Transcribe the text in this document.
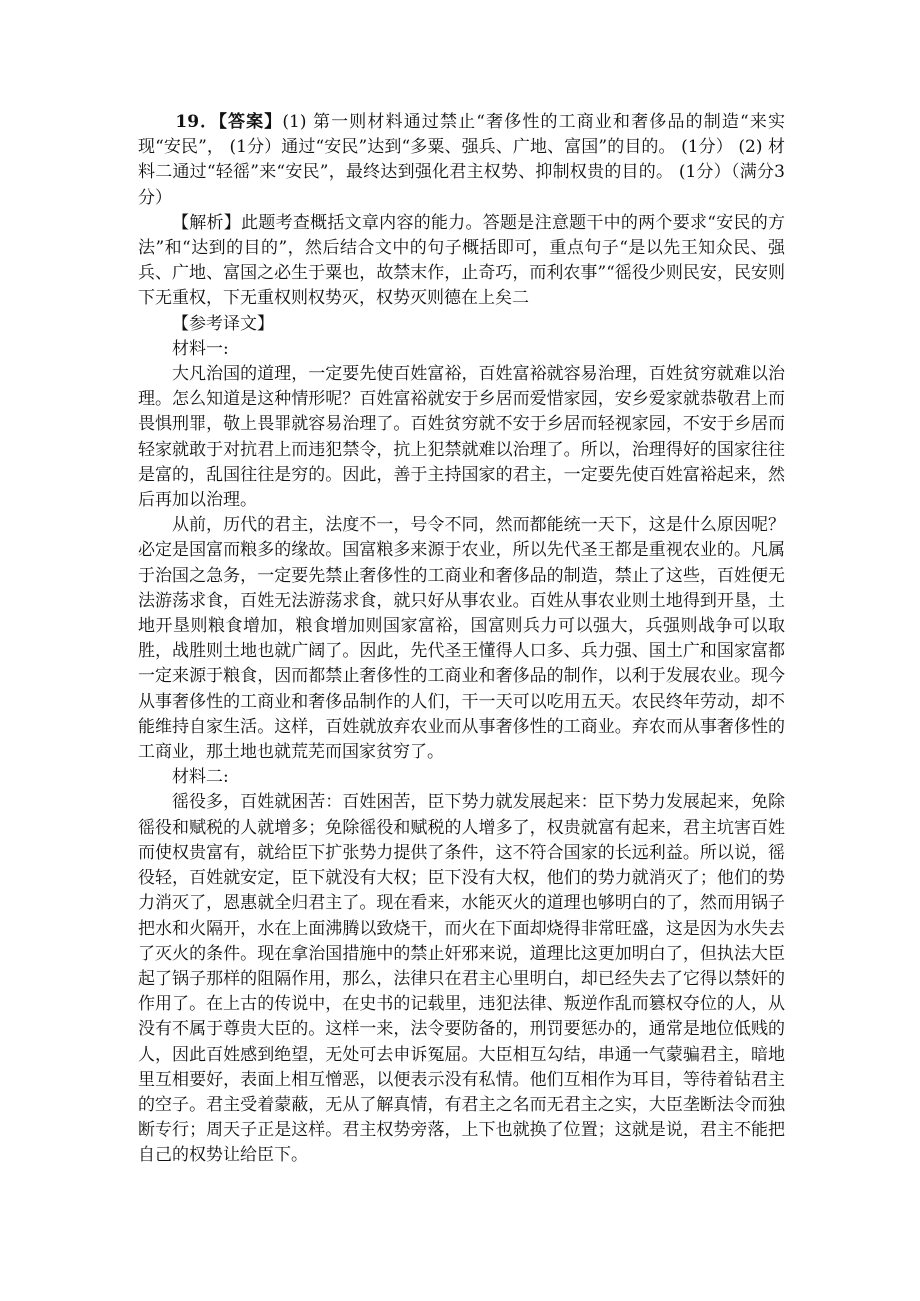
19．【答案】(1) 第一则材料通过禁止“奢侈性的工商业和奢侈品的制造“来实现“安民”， (1分）通过“安民”达到“多粟、强兵、广地、富国”的目的。 (1分） (2) 材料二通过“轻徭”来“安民”，最终达到强化君主权势、抑制权贵的目的。 (1分）（满分3分）

【解析】此题考查概括文章内容的能力。答题是注意题干中的两个要求“安民的方法”和“达到的目的”，然后结合文中的句子概括即可，重点句子“是以先王知众民、强兵、广地、富国之必生于粟也，故禁末作，止奇巧，而利农事”“徭役少则民安，民安则下无重权，下无重权则权势灭，权势灭则德在上矣二

【参考译文】

材料一:

大凡治国的道理，一定要先使百姓富裕，百姓富裕就容易治理，百姓贫穷就难以治理。怎么知道是这种情形呢？百姓富裕就安于乡居而爱惜家园，安乡爱家就恭敬君上而畏惧刑罪，敬上畏罪就容易治理了。百姓贫穷就不安于乡居而轻视家园，不安于乡居而轻家就敢于对抗君上而违犯禁令，抗上犯禁就难以治理了。所以，治理得好的国家往往是富的，乱国往往是穷的。因此，善于主持国家的君主，一定要先使百姓富裕起来，然后再加以治理。

从前，历代的君主，法度不一，号令不同，然而都能统一天下，这是什么原因呢？必定是国富而粮多的缘故。国富粮多来源于农业，所以先代圣王都是重视农业的。凡属于治国之急务，一定要先禁止奢侈性的工商业和奢侈品的制造，禁止了这些，百姓便无法游荡求食，百姓无法游荡求食，就只好从事农业。百姓从事农业则土地得到开垦，土地开垦则粮食增加，粮食增加则国家富裕，国富则兵力可以强大，兵强则战争可以取胜，战胜则土地也就广阔了。因此，先代圣王懂得人口多、兵力强、国土广和国家富都一定来源于粮食，因而都禁止奢侈性的工商业和奢侈品的制作，以利于发展农业。现今从事奢侈性的工商业和奢侈品制作的人们，干一天可以吃用五天。农民终年劳动，却不能维持自家生活。这样，百姓就放弃农业而从事奢侈性的工商业。弃农而从事奢侈性的工商业，那土地也就荒芜而国家贫穷了。

材料二:

徭役多，百姓就困苦：百姓困苦，臣下势力就发展起来：臣下势力发展起来，免除徭役和赋税的人就增多；免除徭役和赋税的人增多了，权贵就富有起来，君主坑害百姓而使权贵富有，就给臣下扩张势力提供了条件，这不符合国家的长远利益。所以说，徭役轻，百姓就安定，臣下就没有大权；臣下没有大权，他们的势力就消灭了；他们的势力消灭了，恩惠就全归君主了。现在看来，水能灭火的道理也够明白的了，然而用锅子把水和火隔开，水在上面沸腾以致烧干，而火在下面却烧得非常旺盛，这是因为水失去了灭火的条件。现在拿治国措施中的禁止奸邪来说，道理比这更加明白了，但执法大臣起了锅子那样的阻隔作用，那么，法律只在君主心里明白，却已经失去了它得以禁奸的作用了。在上古的传说中，在史书的记载里，违犯法律、叛逆作乱而篡权夺位的人，从没有不属于尊贵大臣的。这样一来，法令要防备的，刑罚要惩办的，通常是地位低贱的人，因此百姓感到绝望，无处可去申诉冤屈。大臣相互勾结，串通一气蒙骗君主，暗地里互相要好，表面上相互憎恶，以便表示没有私情。他们互相作为耳目，等待着钻君主的空子。君主受着蒙蔽，无从了解真情，有君主之名而无君主之实，大臣垄断法令而独断专行；周天子正是这样。君主权势旁落，上下也就换了位置；这就是说，君主不能把自己的权势让给臣下。
